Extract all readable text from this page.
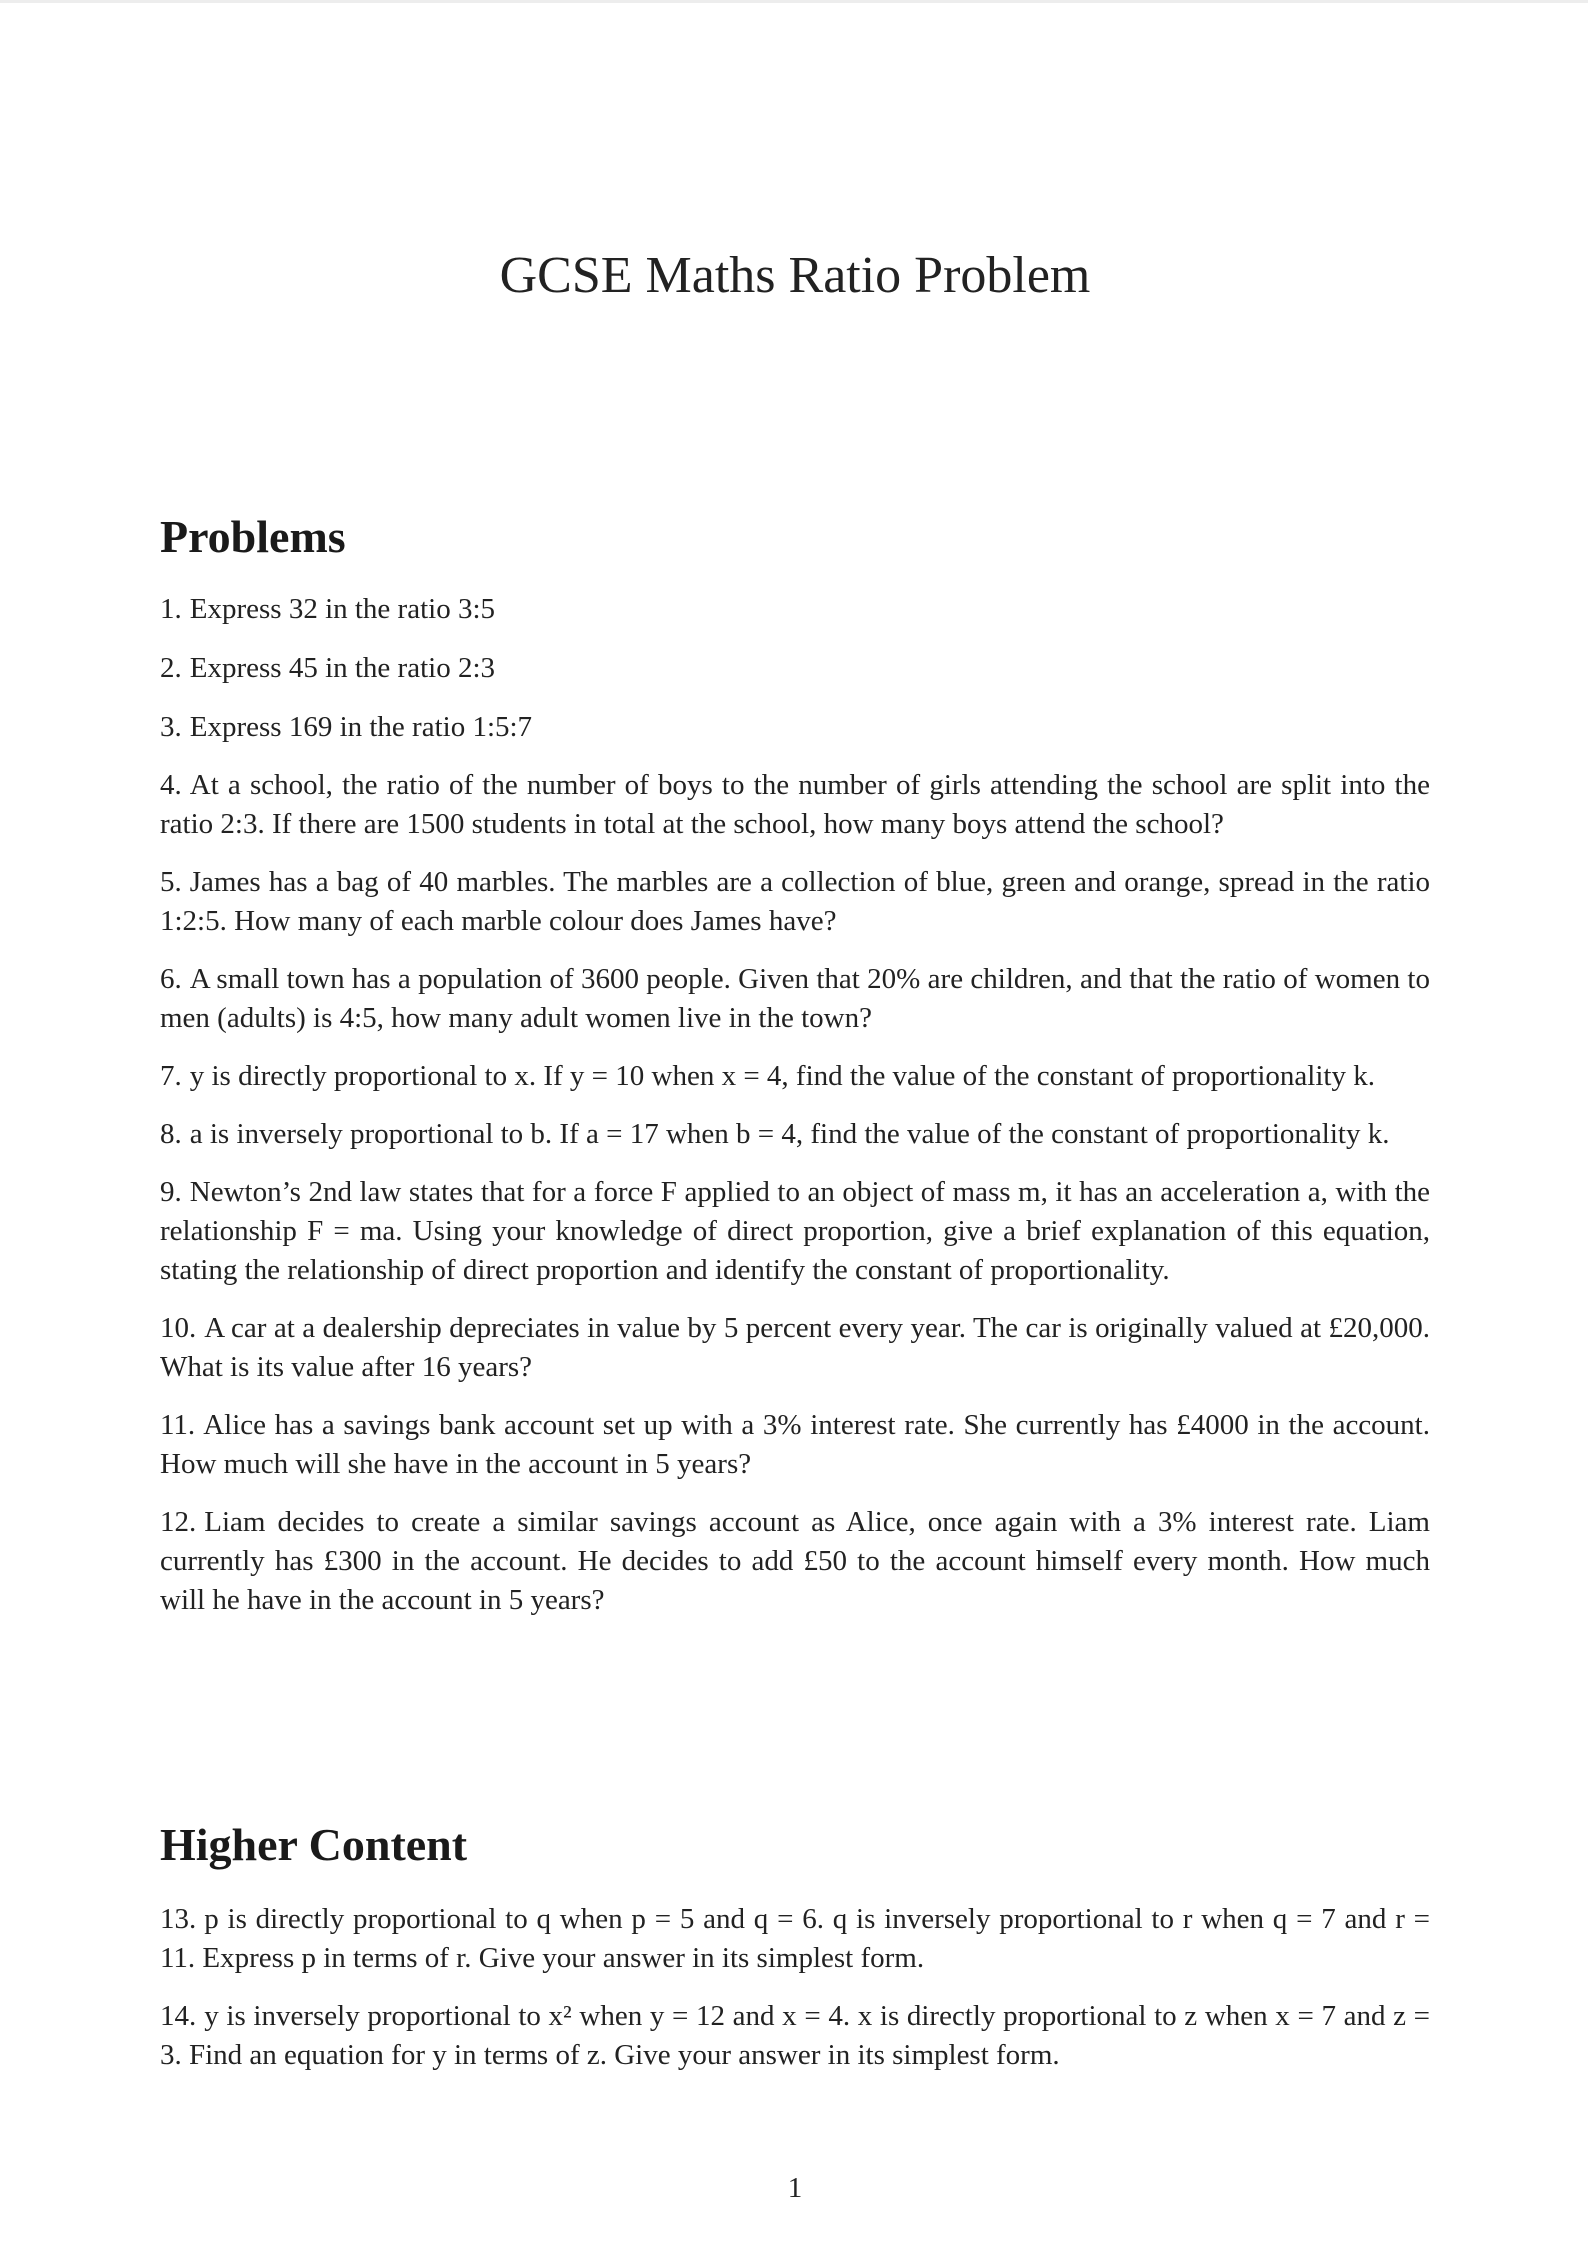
GCSE Maths Ratio Problem
Problems
1. Express 32 in the ratio 3:5
2. Express 45 in the ratio 2:3
3. Express 169 in the ratio 1:5:7
4. At a school, the ratio of the number of boys to the number of girls attending the school are split into the ratio 2:3. If there are 1500 students in total at the school, how many boys attend the school?
5. James has a bag of 40 marbles. The marbles are a collection of blue, green and orange, spread in the ratio 1:2:5. How many of each marble colour does James have?
6. A small town has a population of 3600 people. Given that 20% are children, and that the ratio of women to men (adults) is 4:5, how many adult women live in the town?
7. y is directly proportional to x. If y = 10 when x = 4, find the value of the constant of proportionality k.
8. a is inversely proportional to b. If a = 17 when b = 4, find the value of the constant of proportionality k.
9. Newton’s 2nd law states that for a force F applied to an object of mass m, it has an acceleration a, with the relationship F = ma. Using your knowledge of direct proportion, give a brief explanation of this equation, stating the relationship of direct proportion and identify the constant of proportionality.
10. A car at a dealership depreciates in value by 5 percent every year. The car is originally valued at £20,000. What is its value after 16 years?
11. Alice has a savings bank account set up with a 3% interest rate. She currently has £4000 in the account. How much will she have in the account in 5 years?
12. Liam decides to create a similar savings account as Alice, once again with a 3% interest rate. Liam currently has £300 in the account. He decides to add £50 to the account himself every month. How much will he have in the account in 5 years?
Higher Content
13. p is directly proportional to q when p = 5 and q = 6. q is inversely proportional to r when q = 7 and r = 11. Express p in terms of r. Give your answer in its simplest form.
14. y is inversely proportional to x² when y = 12 and x = 4. x is directly proportional to z when x = 7 and z = 3. Find an equation for y in terms of z. Give your answer in its simplest form.

1
